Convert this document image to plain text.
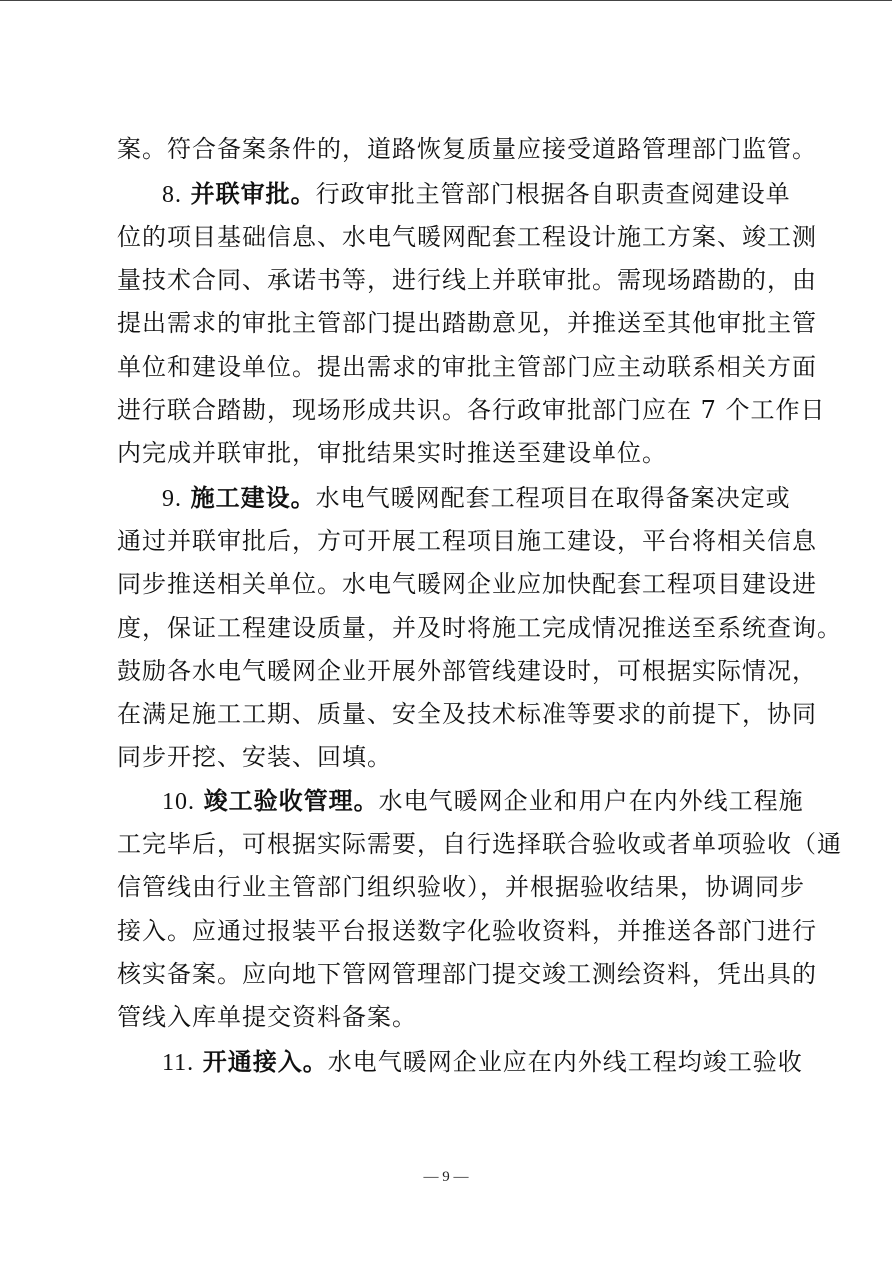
案。符合备案条件的，道路恢复质量应接受道路管理部门监管。
8. 并联审批。行政审批主管部门根据各自职责查阅建设单
位的项目基础信息、水电气暖网配套工程设计施工方案、竣工测
量技术合同、承诺书等，进行线上并联审批。需现场踏勘的，由
提出需求的审批主管部门提出踏勘意见，并推送至其他审批主管
单位和建设单位。提出需求的审批主管部门应主动联系相关方面
进行联合踏勘，现场形成共识。各行政审批部门应在 7 个工作日
内完成并联审批，审批结果实时推送至建设单位。
9. 施工建设。水电气暖网配套工程项目在取得备案决定或
通过并联审批后，方可开展工程项目施工建设，平台将相关信息
同步推送相关单位。水电气暖网企业应加快配套工程项目建设进
度，保证工程建设质量，并及时将施工完成情况推送至系统查询。
鼓励各水电气暖网企业开展外部管线建设时，可根据实际情况，
在满足施工工期、质量、安全及技术标准等要求的前提下，协同
同步开挖、安装、回填。
10. 竣工验收管理。水电气暖网企业和用户在内外线工程施
工完毕后，可根据实际需要，自行选择联合验收或者单项验收（通
信管线由行业主管部门组织验收），并根据验收结果，协调同步
接入。应通过报装平台报送数字化验收资料，并推送各部门进行
核实备案。应向地下管网管理部门提交竣工测绘资料，凭出具的
管线入库单提交资料备案。
11. 开通接入。水电气暖网企业应在内外线工程均竣工验收
— 9 —
